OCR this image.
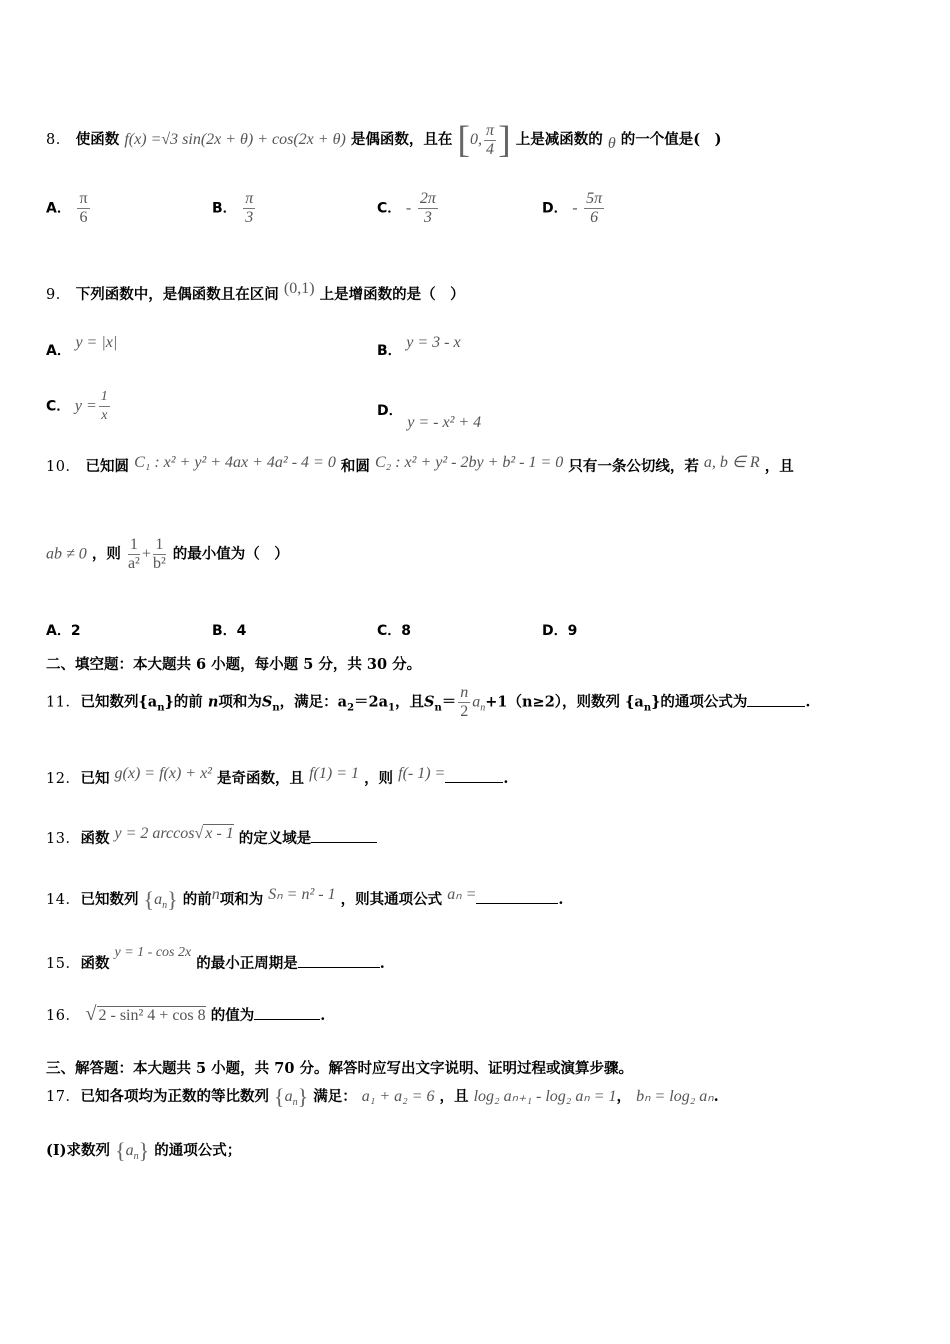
8． 使函数 f(x) =√3 sin(2x + θ) + cos(2x + θ) 是偶函数，且在 [0, $\frac{\pi}{4}$ ] 上是减函数的 θ 的一个值是(　)
A． $\frac{\pi}{6}$	B． $\frac{\pi}{3}$	C． - $\frac{2\pi}{3}$	D． - $\frac{5\pi}{6}$
9． 下列函数中，是偶函数且在区间 (0,1) 上是增函数的是（　）
A． y = |x|	B． y = 3 - x
C． $y = \frac{1}{x}$	D． y = - x² + 4
10． 已知圆 C₁ : x² + y² + 4ax + 4a² - 4 = 0 和圆 C₂ : x² + y² - 2by + b² - 1 = 0 只有一条公切线，若 a, b ∈ R ，且
ab ≠ 0 ，则 $\frac{1}{\text{a²}} + \frac{1}{\text{b²}}$ 的最小值为（　）
A．2	B．4	C．8	D．9
二、填空题：本大题共 6 小题，每小题 5 分，共 30 分。
11．已知数列$\{a_n\}$的前 n项和为$S_n$，满足：$a_2=2a_1$，且$S_n= \frac{n}{2} a_n+1(n\ge 2)$，则数列 $\{a_n\}$的通项公式为	.
12．已知 g(x) = f(x) + x² 是奇函数，且 f(1) = 1 ，则 f(- 1) =	.
13．函数 y = 2 arccos√ x - 1 的定义域是
14．已知数列 $\{a_n\}$ 的前n项和为 Sₙ = n² - 1 ，则其通项公式 aₙ =	.
15．函数 y = 1 - cos 2x 的最小正周期是	.
16． √ 2 - sin² 4 + cos 8 的值为	.
三、解答题：本大题共 5 小题，共 70 分。解答时应写出文字说明、证明过程或演算步骤。
17．已知各项均为正数的等比数列 $\{a_n\}$ 满足： a₁ + a₂ = 6 ，且 log₂ aₙ₊₁ - log₂ aₙ = 1， bₙ = log₂ aₙ.
(I)求数列 $\{a_n\}$ 的通项公式；
